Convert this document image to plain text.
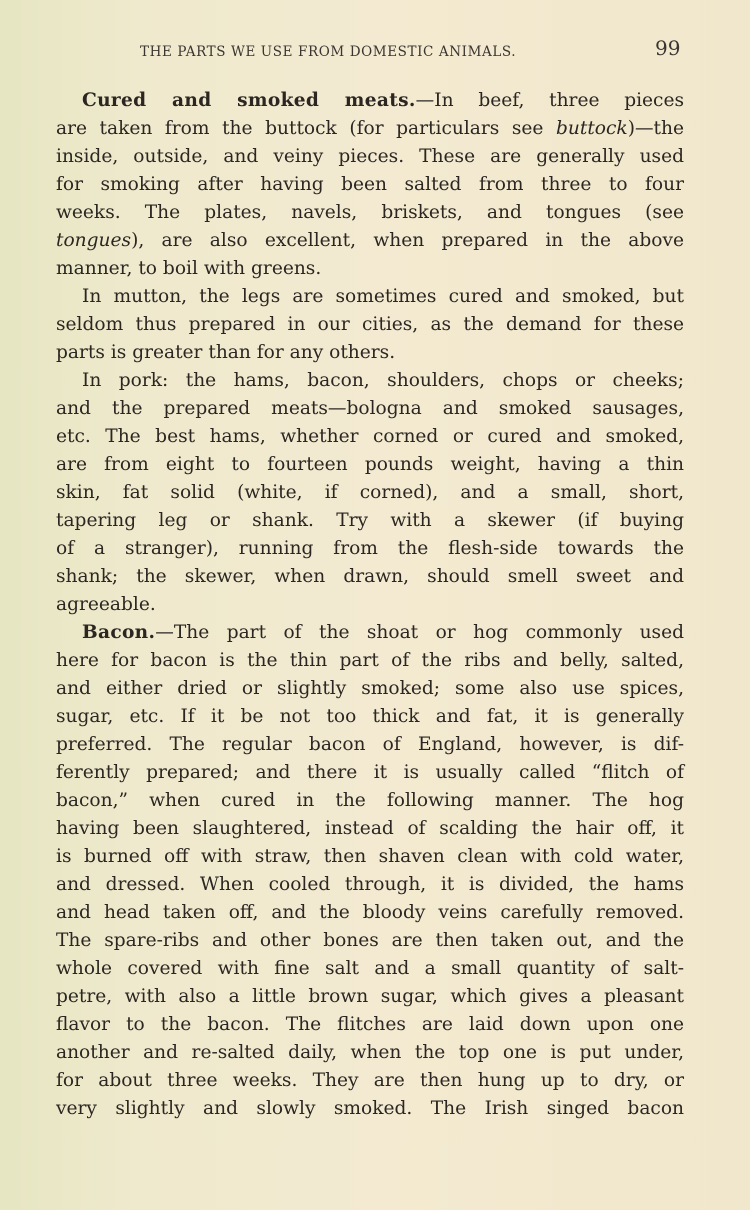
THE PARTS WE USE FROM DOMESTIC ANIMALS.	99
Cured and smoked meats.—In beef, three pieces
are taken from the buttock (for particulars see buttock)—the
inside, outside, and veiny pieces. These are generally used
for smoking after having been salted from three to four
weeks. The plates, navels, briskets, and tongues (see
tongues), are also excellent, when prepared in the above
manner, to boil with greens.
In mutton, the legs are sometimes cured and smoked, but
seldom thus prepared in our cities, as the demand for these
parts is greater than for any others.
In pork: the hams, bacon, shoulders, chops or cheeks;
and the prepared meats—bologna and smoked sausages,
etc. The best hams, whether corned or cured and smoked,
are from eight to fourteen pounds weight, having a thin
skin, fat solid (white, if corned), and a small, short,
tapering leg or shank. Try with a skewer (if buying
of a stranger), running from the flesh-side towards the
shank; the skewer, when drawn, should smell sweet and
agreeable.
Bacon.—The part of the shoat or hog commonly used
here for bacon is the thin part of the ribs and belly, salted,
and either dried or slightly smoked; some also use spices,
sugar, etc. If it be not too thick and fat, it is generally
preferred. The regular bacon of England, however, is dif-
ferently prepared; and there it is usually called “flitch of
bacon,” when cured in the following manner. The hog
having been slaughtered, instead of scalding the hair off, it
is burned off with straw, then shaven clean with cold water,
and dressed. When cooled through, it is divided, the hams
and head taken off, and the bloody veins carefully removed.
The spare-ribs and other bones are then taken out, and the
whole covered with fine salt and a small quantity of salt-
petre, with also a little brown sugar, which gives a pleasant
flavor to the bacon. The flitches are laid down upon one
another and re-salted daily, when the top one is put under,
for about three weeks. They are then hung up to dry, or
very slightly and slowly smoked. The Irish singed bacon
